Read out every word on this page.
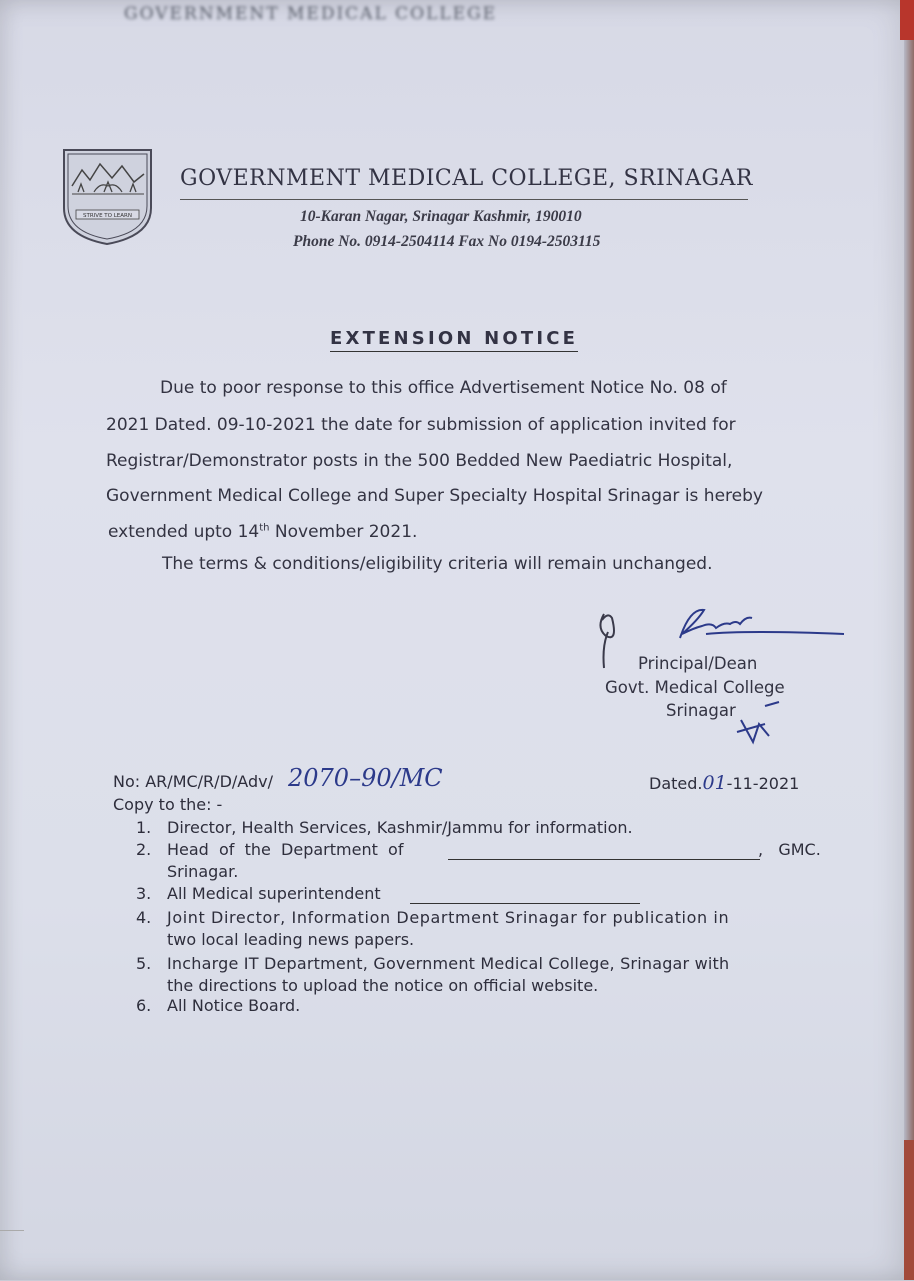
GOVERNMENT MEDICAL COLLEGE
STRIVE TO LEARN
GOVERNMENT MEDICAL COLLEGE, SRINAGAR
10-Karan Nagar, Srinagar Kashmir, 190010
Phone No. 0914-2504114 Fax No 0194-2503115
EXTENSION NOTICE
Due to poor response to this office Advertisement Notice No. 08 of
2021 Dated. 09-10-2021 the date for submission of application invited for
Registrar/Demonstrator posts in the 500 Bedded New Paediatric Hospital,
Government Medical College and Super Specialty Hospital Srinagar is hereby
extended upto 14th November 2021.
The terms & conditions/eligibility criteria will remain unchanged.
Principal/Dean
Govt. Medical College
Srinagar
No: AR/MC/R/D/Adv/ 2070–90/MC	Dated.01-11-2021
Copy to the: -
1. Director, Health Services, Kashmir/Jammu for information.
2. Head  of  the  Department  of	,   GMC.
Srinagar.
3. All Medical superintendent
4. Joint Director, Information Department Srinagar for publication in
two local leading news papers.
5. Incharge IT Department, Government Medical College, Srinagar with
the directions to upload the notice on official website.
6. All Notice Board.
